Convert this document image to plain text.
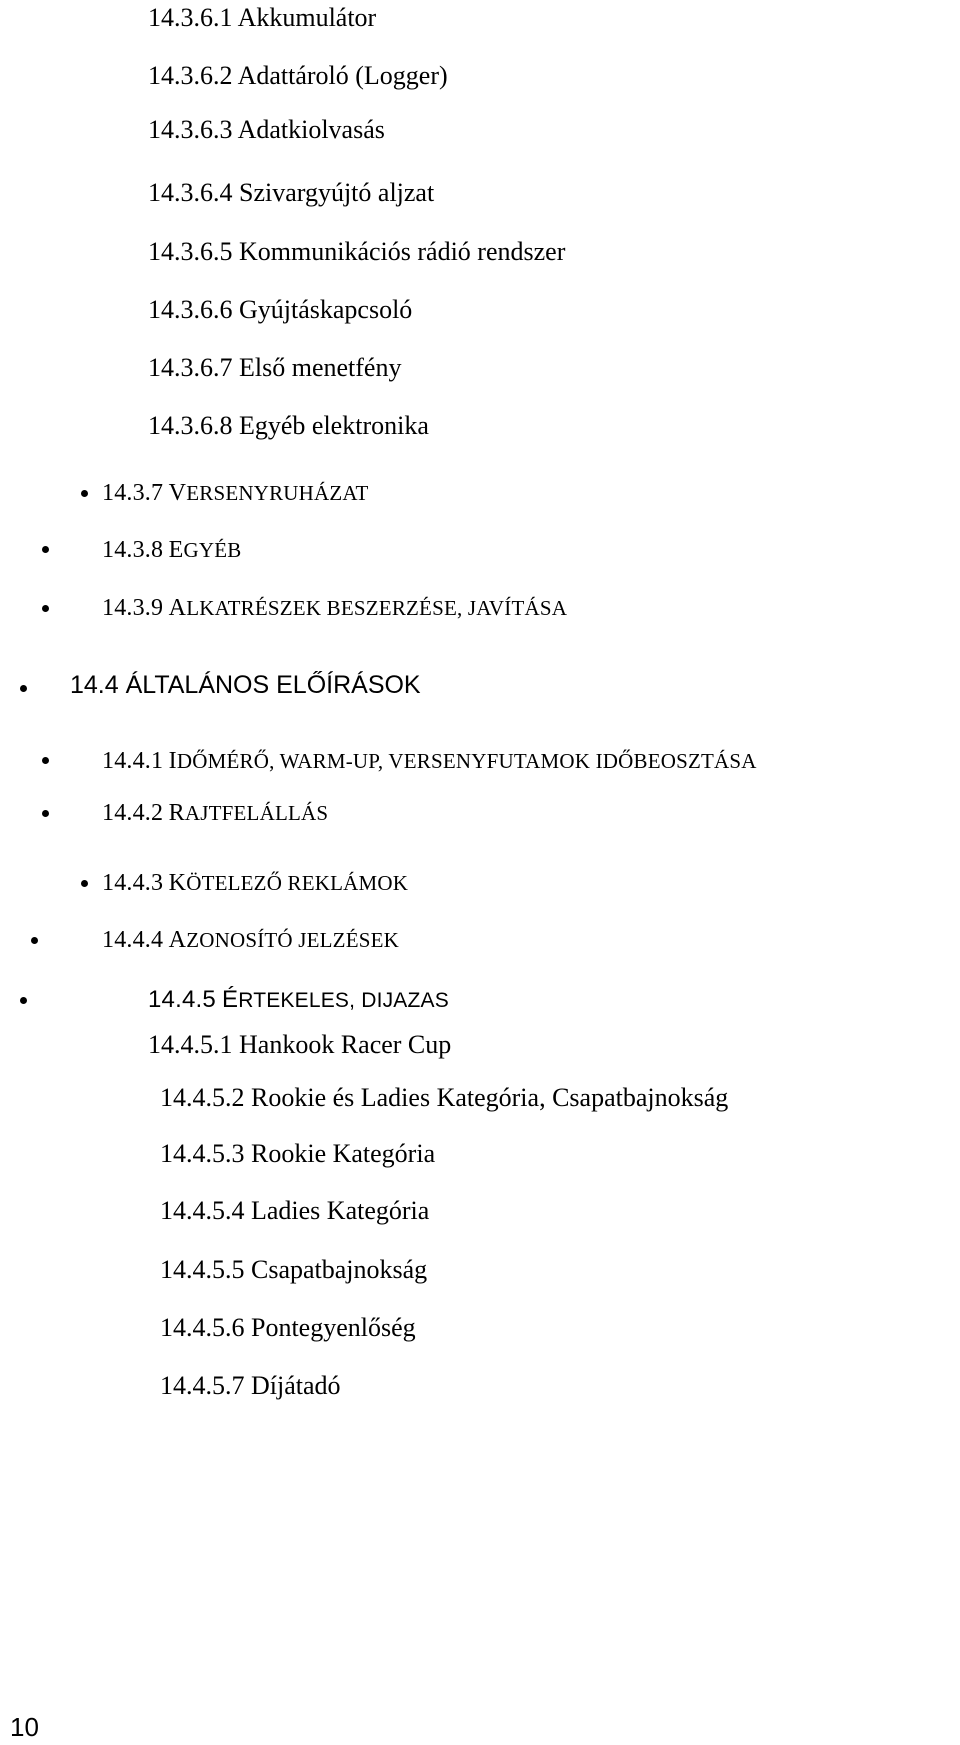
14.3.6.1 Akkumulátor
14.3.6.2 Adattároló (Logger)
14.3.6.3 Adatkiolvasás
14.3.6.4 Szivargyújtó aljzat
14.3.6.5 Kommunikációs rádió rendszer
14.3.6.6 Gyújtáskapcsoló
14.3.6.7 Első menetfény
14.3.6.8 Egyéb elektronika
14.3.7 VERSENYRUHÁZAT
14.3.8 EGYÉB
14.3.9 ALKATRÉSZEK BESZERZÉSE, JAVÍTÁSA
14.4 ÁLTALÁNOS ELŐÍRÁSOK
14.4.1 IDŐMÉRŐ, WARM-UP, VERSENYFUTAMOK IDŐBEOSZTÁSA
14.4.2 RAJTFELÁLLÁS
14.4.3 KÖTELEZŐ REKLÁMOK
14.4.4 AZONOSÍTÓ JELZÉSEK
14.4.5 ÉRTEKELES, DIJAZAS
14.4.5.1 Hankook Racer Cup
14.4.5.2 Rookie és Ladies Kategória, Csapatbajnokság
14.4.5.3 Rookie Kategória
14.4.5.4 Ladies Kategória
14.4.5.5 Csapatbajnokság
14.4.5.6 Pontegyenlőség
14.4.5.7 Díjátadó
10
